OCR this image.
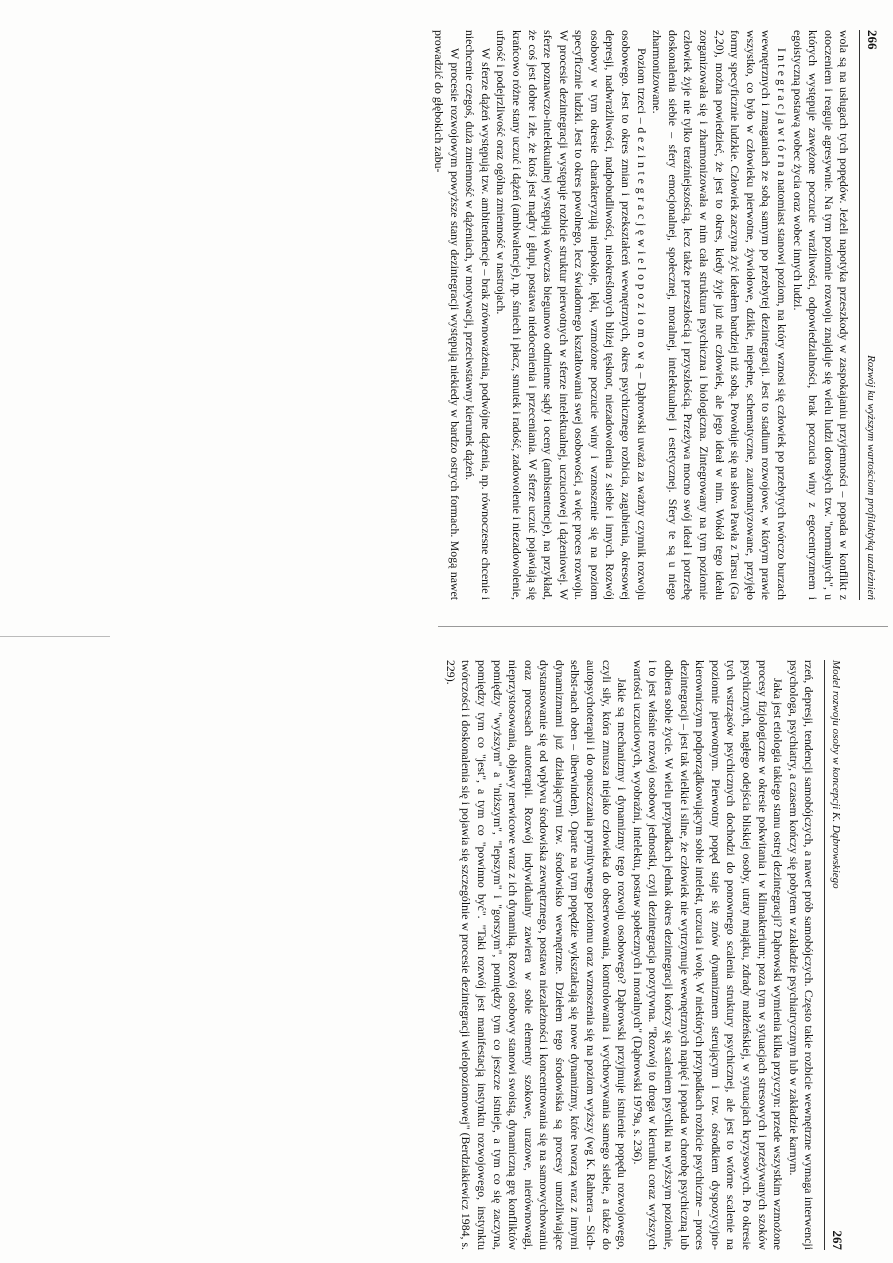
266
Rozwój ku wyższym wartościom profilaktyką uzależnień

wola są na usługach tych popędów. Jeżeli napotyka przeszkody w zaspokajaniu przyjemności – popada w konflikt z otoczeniem i reaguje agresywnie. Na tym poziomie rozwoju znajduje się wielu ludzi dorosłych tzw. "normalnych", u których występuje zawężone poczucie wrażliwości, odpowiedzialności, brak poczucia winy z egocentryzmem i egoistyczną postawą wobec życia oraz wobec innych ludzi.

I n t e g r a c j a w t ó r n a natomiast stanowi poziom, na który wznosi się człowiek po przebytych twórczo burzach wewnętrznych i zmaganiach ze sobą samym po przebytej dezintegracji. Jest to stadium rozwojowe, w którym prawie wszystko, co było w człowieku pierwotne, żywiołowe, dzikie, niepełne, schematyczne, zautomatyzowane, przyjęło formy specyficznie ludzkie. Człowiek zaczyna żyć ideałem bardziej niż sobą. Powołuje się na słowa Pawła z Tarsu (Ga 2,20), można powiedzieć, że jest to okres, kiedy żyje już nie człowiek, ale jego ideał w nim. Wokół tego ideału zorganizowała się i zharmonizowała w nim cała struktura psychiczna i biologiczna. Zintegrowany na tym poziomie człowiek żyje nie tylko teraźniejszością, lecz także przeszłością i przyszłością. Przeżywa mocno swój ideał i potrzebę doskonalenia siebie – sfery emocjonalnej, społecznej, moralnej, intelektualnej i estetycznej. Sfery te są u niego zharmonizowane.

Poziom trzeci – d e z i n t e g r a c j ę w i e l o p o z i o m o w ą – Dąbrowski uważa za ważny czynnik rozwoju osobowego. Jest to okres zmian i przekształceń wewnętrznych, okres psychicznego rozbicia, zagubienia, okresowej depresji, nadwrażliwości, nadpobudliwości, nieokreślonych bliżej tęsknot, niezadowolenia z siebie i innych. Rozwój osobowy w tym okresie charakteryzują niepokoje, lęki, wzmożone poczucie winy i wznoszenie się na poziom specyficznie ludzki. Jest to okres powolnego, lecz świadomego kształtowania swej osobowości, a więc proces rozwoju. W procesie dezintegracji występuje rozbicie struktur pierwotnych w sferze intelektualnej, uczuciowej i dążeniowej. W sferze poznawczo-intelektualnej występują wówczas biegunowo odmienne sądy i oceny (ambisentencje), na przykład, że coś jest dobre i złe, że ktoś jest mądry i głupi, postawa niedocenienia i przeceniania. W sferze uczuć pojawiają się krańcowo różne stany uczuć i dążeń (ambiwalencje), np. śmiech i płacz, smutek i radość, zadowolenie i niezadowolenie, ufność i podejrzliwość oraz ogólna zmienność w nastrojach.

W sferze dążeń występują tzw. ambitendencje – brak zrównoważenia, podwójne dążenia, np. równoczesne chcenie i niechcenie czegoś, duża zmienność w dążeniach, w motywacji, przeciwstawny kierunek dążeń.

W procesie rozwojowym powyższe stany dezintegracji występują niekiedy w bardzo ostrych formach. Mogą nawet prowadzić do głębokich zabu-

Model rozwoju osoby w koncepcji K. Dąbrowskiego
267

rzeń, depresji, tendencji samobójczych, a nawet prób samobójczych. Często takie rozbicie wewnętrzne wymaga interwencji psychologa, psychiatry, a czasem kończy się pobytem w zakładzie psychiatrycznym lub w zakładzie karnym.

Jaka jest etiologia takiego stanu ostrej dezintegracji? Dąbrowski wymienia kilka przyczyn: przede wszystkim wzmożone procesy fizjologiczne w okresie pokwitania i w klimakterium; poza tym w sytuacjach stresowych i przeżywanych szoków psychicznych, nagłego odejścia bliskiej osoby, utraty majątku, zdrady małżeńskiej, w sytuacjach kryzysowych. Po okresie tych wstrząsów psychicznych dochodzi do ponownego scalenia struktury psychicznej, ale jest to wtórne scalenie na poziomie pierwotnym. Pierwotny popęd staje się znów dynamizmem sterującym i tzw. ośrodkiem dyspozycyjno-kierowniczym podporządkowującym sobie intelekt, uczucia i wolę. W niektórych przypadkach rozbicie psychiczne – proces dezintegracji – jest tak wielkie i silne, że człowiek nie wytrzymuje wewnętrznych napięć i popada w chorobę psychiczną lub odbiera sobie życie. W wielu przypadkach jednak okres dezintegracji kończy się scaleniem psychiki na wyższym poziomie, i to jest właśnie rozwój osobowy jednostki, czyli dezintegracja pozytywna. "Rozwój to droga w kierunku coraz wyższych wartości uczuciowych, wyobraźni, intelektu, postaw społecznych i moralnych" (Dąbrowski 1979a, s. 236).

Jakie są mechanizmy i dynamizmy tego rozwoju osobowego? Dąbrowski przyjmuje istnienie popędu rozwojowego, czyli siły, która zmusza niejako człowieka do obserwowania, kontrolowania i wychowywania samego siebie, a także do autopsychoterapii i do opuszczania prymitywnego poziomu oraz wznoszenia się na poziom wyższy (wg K. Rahnera – Sich-selbst-nach oben – überwinden). Oparte na tym popędzie wykształcają się nowe dynamizmy, które tworzą wraz z innymi dynamizmami już działającymi tzw. środowisko wewnętrzne. Dziełem tego środowiska są procesy umożliwiające dystansowanie się od wpływu środowiska zewnętrznego, postawa niezależności i koncentrowania się na samowychowaniu oraz procesach autoterapii. Rozwój indywidualny zawiera w sobie elementy szokowe, urazowe, nierównowagi, nieprzystosowania, objawy nerwicowe wraz z ich dynamiką. Rozwój osobowy stanowi swoistą, dynamiczną grę konfliktów pomiędzy "wyższym" a "niższym", "lepszym" i "gorszym", pomiędzy tym co jeszcze istnieje, a tym co się zaczyna, pomiędzy tym co "jest", a tym co "powinno być". "Taki rozwój jest manifestacją instynktu rozwojowego, instynktu twórczości i doskonalenia się i pojawia się szczególnie w procesie dezintegracji wielopoziomowej" (Berdziakiewicz 1984, s. 229).
